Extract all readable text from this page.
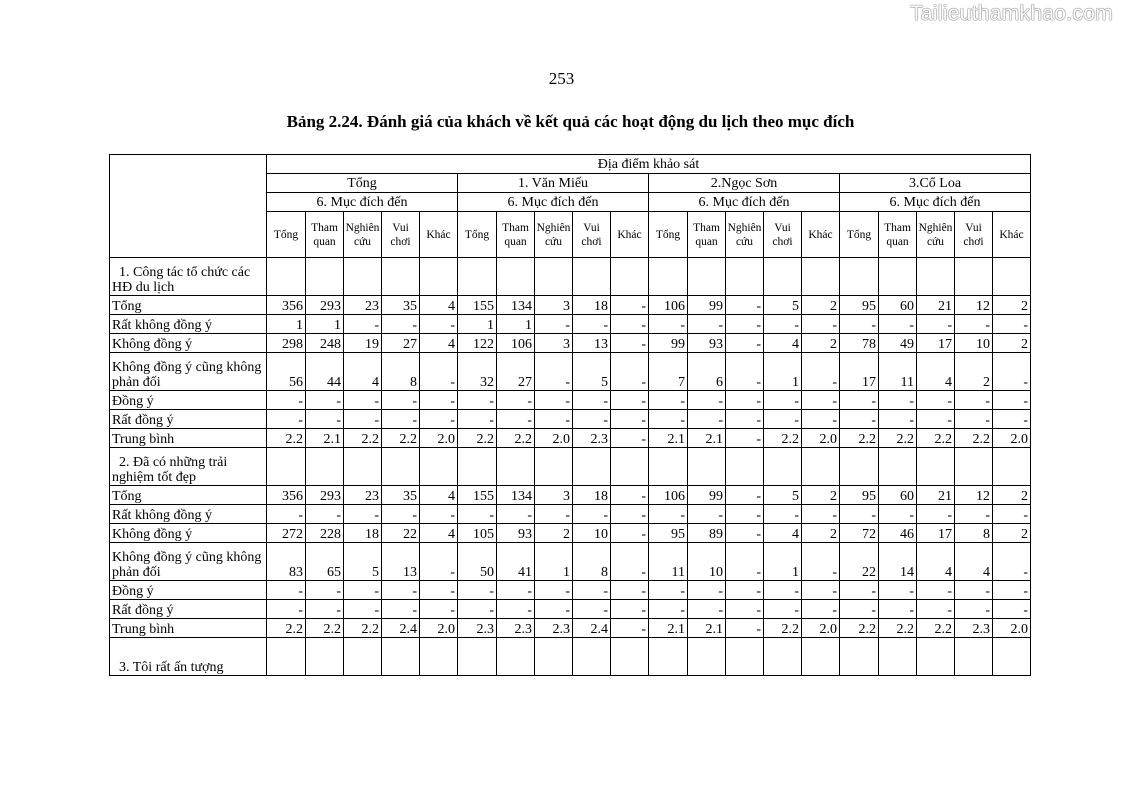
Tailieuthamkhao.com
253
Bảng 2.24. Đánh giá của khách về kết quả các hoạt động du lịch theo mục đích
	Địa điểm khảo sát																			
	Tổng					1. Văn Miếu					2.Ngọc Sơn					3.Cổ Loa				
	6. Mục đích đến					6. Mục đích đến					6. Mục đích đến					6. Mục đích đến				
	Tổng	Tham quan	Nghiên cứu	Vui chơi	Khác	Tổng	Tham quan	Nghiên cứu	Vui chơi	Khác	Tổng	Tham quan	Nghiên cứu	Vui chơi	Khác	Tổng	Tham quan	Nghiên cứu	Vui chơi	Khác
1. Công tác tổ chức các HĐ du lịch																				
Tổng	356	293	23	35	4	155	134	3	18	-	106	99	-	5	2	95	60	21	12	2
Rất không đồng ý	1	1	-	-	-	1	1	-	-	-	-	-	-	-	-	-	-	-	-	-
Không đồng ý	298	248	19	27	4	122	106	3	13	-	99	93	-	4	2	78	49	17	10	2
Không đồng ý cũng không phản đối	56	44	4	8	-	32	27	-	5	-	7	6	-	1	-	17	11	4	2	-
Đồng ý	-	-	-	-	-	-	-	-	-	-	-	-	-	-	-	-	-	-	-	-
Rất đồng ý	-	-	-	-	-	-	-	-	-	-	-	-	-	-	-	-	-	-	-	-
Trung bình	2.2	2.1	2.2	2.2	2.0	2.2	2.2	2.0	2.3	-	2.1	2.1	-	2.2	2.0	2.2	2.2	2.2	2.2	2.0
2. Đã có những trải nghiệm tốt đẹp																				
Tổng	356	293	23	35	4	155	134	3	18	-	106	99	-	5	2	95	60	21	12	2
Rất không đồng ý	-	-	-	-	-	-	-	-	-	-	-	-	-	-	-	-	-	-	-	-
Không đồng ý	272	228	18	22	4	105	93	2	10	-	95	89	-	4	2	72	46	17	8	2
Không đồng ý cũng không phản đối	83	65	5	13	-	50	41	1	8	-	11	10	-	1	-	22	14	4	4	-
Đồng ý	-	-	-	-	-	-	-	-	-	-	-	-	-	-	-	-	-	-	-	-
Rất đồng ý	-	-	-	-	-	-	-	-	-	-	-	-	-	-	-	-	-	-	-	-
Trung bình	2.2	2.2	2.2	2.4	2.0	2.3	2.3	2.3	2.4	-	2.1	2.1	-	2.2	2.0	2.2	2.2	2.2	2.3	2.0
3. Tôi rất ấn tượng																				
